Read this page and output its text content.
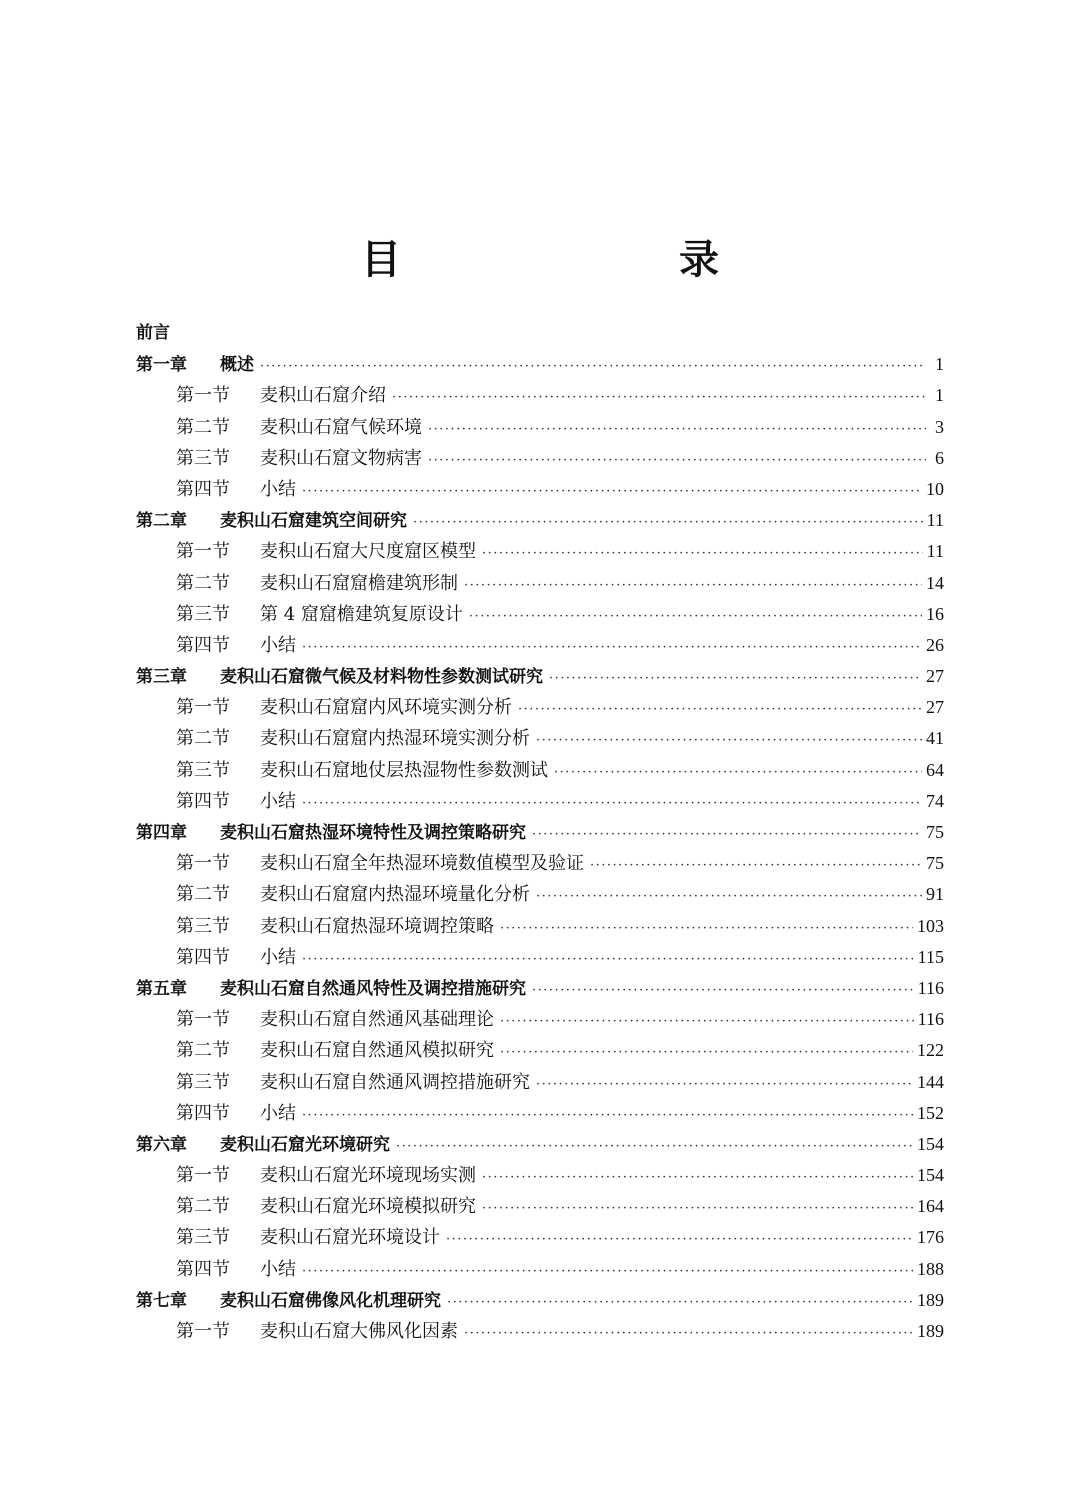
目　　录
前言
第一章	概述 ·····	1
第一节	麦积山石窟介绍 ·····	1
第二节	麦积山石窟气候环境 ·····	3
第三节	麦积山石窟文物病害 ·····	6
第四节	小结 ·····	10
第二章	麦积山石窟建筑空间研究 ·····	11
第一节	麦积山石窟大尺度窟区模型 ·····	11
第二节	麦积山石窟窟檐建筑形制 ·····	14
第三节	第 4 窟窟檐建筑复原设计 ·····	16
第四节	小结 ·····	26
第三章	麦积山石窟微气候及材料物性参数测试研究 ·····	27
第一节	麦积山石窟窟内风环境实测分析 ·····	27
第二节	麦积山石窟窟内热湿环境实测分析 ·····	41
第三节	麦积山石窟地仗层热湿物性参数测试 ·····	64
第四节	小结 ·····	74
第四章	麦积山石窟热湿环境特性及调控策略研究 ·····	75
第一节	麦积山石窟全年热湿环境数值模型及验证 ·····	75
第二节	麦积山石窟窟内热湿环境量化分析 ·····	91
第三节	麦积山石窟热湿环境调控策略 ·····	103
第四节	小结 ·····	115
第五章	麦积山石窟自然通风特性及调控措施研究 ·····	116
第一节	麦积山石窟自然通风基础理论 ·····	116
第二节	麦积山石窟自然通风模拟研究 ·····	122
第三节	麦积山石窟自然通风调控措施研究 ·····	144
第四节	小结 ·····	152
第六章	麦积山石窟光环境研究 ·····	154
第一节	麦积山石窟光环境现场实测 ·····	154
第二节	麦积山石窟光环境模拟研究 ·····	164
第三节	麦积山石窟光环境设计 ·····	176
第四节	小结 ·····	188
第七章	麦积山石窟佛像风化机理研究 ·····	189
第一节	麦积山石窟大佛风化因素 ·····	189
